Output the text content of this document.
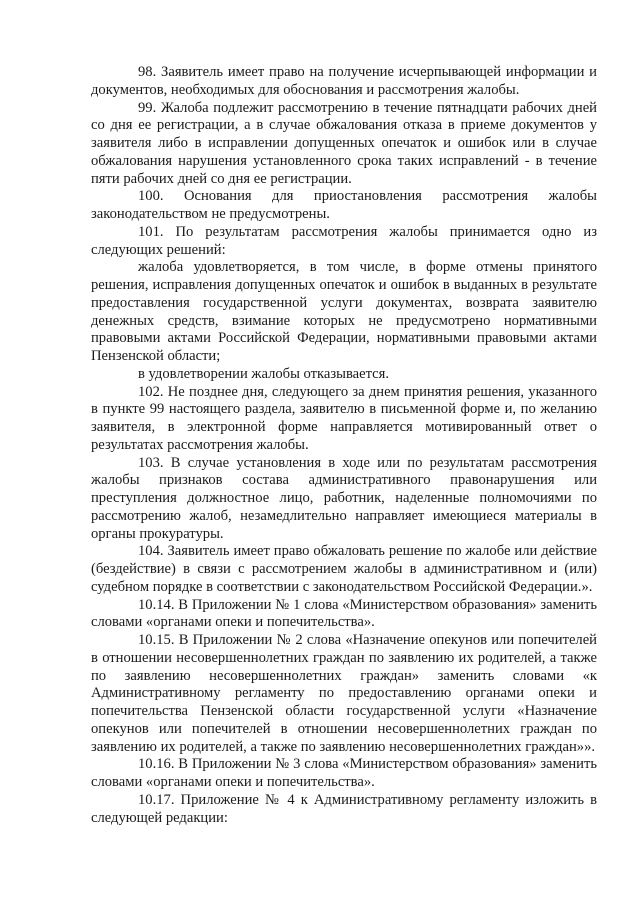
98. Заявитель имеет право на получение исчерпывающей информации и документов, необходимых для обоснования и рассмотрения жалобы.

99. Жалоба подлежит рассмотрению в течение пятнадцати рабочих дней со дня ее регистрации, а в случае обжалования отказа в приеме документов у заявителя либо в исправлении допущенных опечаток и ошибок или в случае обжалования нарушения установленного срока таких исправлений - в течение пяти рабочих дней со дня ее регистрации.

100. Основания для приостановления рассмотрения жалобы законодательством не предусмотрены.

101. По результатам рассмотрения жалобы принимается одно из следующих решений:

жалоба удовлетворяется, в том числе, в форме отмены принятого решения, исправления допущенных опечаток и ошибок в выданных в результате предоставления государственной услуги документах, возврата заявителю денежных средств, взимание которых не предусмотрено нормативными правовыми актами Российской Федерации, нормативными правовыми актами Пензенской области;

в удовлетворении жалобы отказывается.

102. Не позднее дня, следующего за днем принятия решения, указанного в пункте 99 настоящего раздела, заявителю в письменной форме и, по желанию заявителя, в электронной форме направляется мотивированный ответ о результатах рассмотрения жалобы.

103. В случае установления в ходе или по результатам рассмотрения жалобы признаков состава административного правонарушения или преступления должностное лицо, работник, наделенные полномочиями по рассмотрению жалоб, незамедлительно направляет имеющиеся материалы в органы прокуратуры.

104. Заявитель имеет право обжаловать решение по жалобе или действие (бездействие) в связи с рассмотрением жалобы в административном и (или) судебном порядке в соответствии с законодательством Российской Федерации.».

10.14. В Приложении № 1 слова «Министерством образования» заменить словами «органами опеки и попечительства».

10.15. В Приложении № 2 слова «Назначение опекунов или попечителей в отношении несовершеннолетних граждан по заявлению их родителей, а также по заявлению несовершеннолетних граждан» заменить словами «к Административному регламенту по предоставлению органами опеки и попечительства Пензенской области государственной услуги «Назначение опекунов или попечителей в отношении несовершеннолетних граждан по заявлению их родителей, а также по заявлению несовершеннолетних граждан»».

10.16. В Приложении № 3 слова «Министерством образования» заменить словами «органами опеки и попечительства».

10.17. Приложение № 4 к Административному регламенту изложить в следующей редакции:
